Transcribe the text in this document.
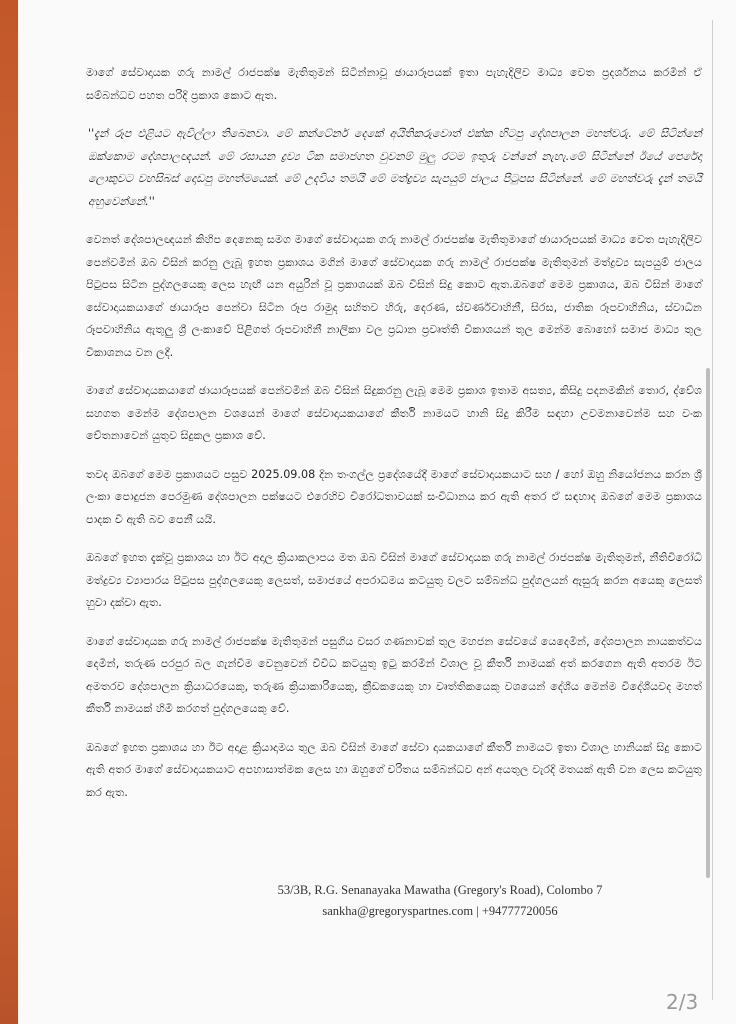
මාගේ සේවාදායක ගරු නාමල් රාජපක්ෂ මැතිතුමන් සිටින්නාවූ ඡායාරූපයක් ඉතා පැහැදිලිව මාධ්‍ය වෙත ප්‍රදර්ශනය කරමින් ඒ සම්බන්ධව පහත පරිදි ප්‍රකාශ කොට ඇත.

''දැන් රූප එළියට ඇවිල්ලා තිබෙනවා. මේ කන්ටේනර් දෙකේ අයිතිකරුවොත් එක්ක හිටපු දේශපාලන මහත්වරු. මේ සිටින්නේ ඔක්කොම දේශපාලඥයන්. මේ රසායන ද්‍රව්‍ය ටික සමාජගත වුවනම් මුලු රටම ඉතුරු වන්නේ නැහැ.මේ සිටින්නේ ඊයේ පෙරේදා ලොකුවට වහසිබස් දොඩපු මහත්මයෙක්. මේ උදවිය තමයි මේ මත්ද්‍රව්‍ය සැපයුම් ජාලය පිටුපස සිටින්නේ. මේ මහත්වරු දැන් තමයි අහුවෙන්නේ.''

වෙනත් දේශපාලඥයන් කිහිප දෙනෙකු සමග මාගේ සේවාදායක ගරු නාමල් රාජපක්ෂ මැතිතුමාගේ ඡායාරූපයක් මාධ්‍ය වෙත පැහැදිලිව පෙන්වමින් ඔබ විසින් කරනු ලැබූ ඉහත ප්‍රකාශය මගින් මාගේ සේවාදායක ගරු නාමල් රාජපක්ෂ මැතිතුමන් මත්ද්‍රව්‍ය සැපයුම් ජාලය පිටුපස සිටින පුද්ගලයෙකු ලෙස හැඟී යන අයුරින් වූ ප්‍රකාශයක් ඔබ විසින් සිදු කොට ඇත.ඔබගේ මෙම ප්‍රකාශය, ඔබ විසින් මාගේ සේවාදායකයාගේ ඡායාරූප පෙන්වා සිටින රූප රාමුද සහිතව හිරු, දෙරණ, ස්වර්ණවාහිනී, සිරස, ජාතික රූපවාහිනිය, ස්වාධීන රූපවාහිනිය ඇතුලු ශ්‍රී ලංකාවේ පිළිගත් රූපවාහිනී නාලිකා වල ප්‍රධාන ප්‍රවෘත්ති විකාශයන් තුල මෙන්ම බොහෝ සමාජ මාධ්‍ය තුල විකාශනය වන ලදී.

මාගේ සේවාදායකයාගේ ඡායාරූපයක් පෙන්වමින් ඔබ විසින් සිදුකරනු ලැබූ මෙම ප්‍රකාශ ඉතාම අසත්‍ය, කිසිදු පදනමකින් තොර, ද්වේශ සහගත මෙන්ම දේශපාලන වශයෙන් මාගේ සේවාදායකයාගේ කීර්ති නාමයට හානි සිදු කිරීම සඳහා උවමනාවෙන්ම සහ වංක චේතනාවෙන් යුතුව සිදුකල ප්‍රකාශ වේ.

තවද ඔබගේ මෙම ප්‍රකාශයට පසුව 2025.09.08 දින තංගල්ල ප්‍රදේශයේදී මාගේ සේවාදායකයාට සහ / හෝ ඔහු නියෝජනය කරන ශ්‍රී ලංකා පොදුජන පෙරමුණ දේශපාලන පක්ෂයට එරෙහිව විරෝධතාවයක් සංවිධානය කර ඇති අතර ඒ සඳහාද ඔබගේ මෙම ප්‍රකාශය පාදක වී ඇති බව පෙනී යයි.

ඔබගේ ඉහත දැක්වූ ප්‍රකාශය හා ඊට අදාල ක්‍රියාකලාපය මත ඔබ විසින් මාගේ සේවාදායක ගරු නාමල් රාජපක්ෂ මැතිතුමන්, නීතිවිරෝධී මත්ද්‍රව්‍ය ව්‍යාපාරය පිටුපස පුද්ගලයෙකු ලෙසත්, සමාජයේ අපරාධමය කටයුතු වලට සම්බන්ධ පුද්ගලයන් ඇසුරු කරන අයෙකු ලෙසත් හුවා දක්වා ඇත.

මාගේ සේවාදායක ගරු නාමල් රාජපක්ෂ මැතිතුමන් පසුගිය වසර ගණනාවක් තුල මහජන සේවයේ යෙදෙමින්, දේශපාලන නායකත්වය දෙමින්, තරුණ පරපුර බල ගැන්වීම වෙනුවෙන් විවිධ කටයුතු ඉටු කරමින් විශාල වූ කීර්ති නාමයක් අත් කරගෙන ඇති අතරම ඊට අමතරව දේශපාලන ක්‍රියාධරයෙකු, තරුණ ක්‍රියාකාරියෙකු, ක්‍රීඩකයෙකු හා වෘත්තිකයෙකු වශයෙන් දේශීය මෙන්ම විදේශීයවද මහත් කීර්ති නාමයක් හිමි කරගත් පුද්ගලයෙකු වේ.

ඔබගේ ඉහත ප්‍රකාශය හා ඊට අදාළ ක්‍රියාදාමය තුල ඔබ විසින් මාගේ සේවා දායකයාගේ කීර්ති නාමයට ඉතා විශාල හානියක් සිදු කොට ඇති අතර මාගේ සේවාදායකයාට අපහාසාත්මක ලෙස හා ඔහුගේ චරිතය සම්බන්ධව අන් අයතුල වැරදි මතයක් ඇති වන ලෙස කටයුතු කර ඇත.

53/3B, R.G. Senanayaka Mawatha (Gregory's Road), Colombo 7
sankha@gregoryspartnes.com | +94777720056
2/3
